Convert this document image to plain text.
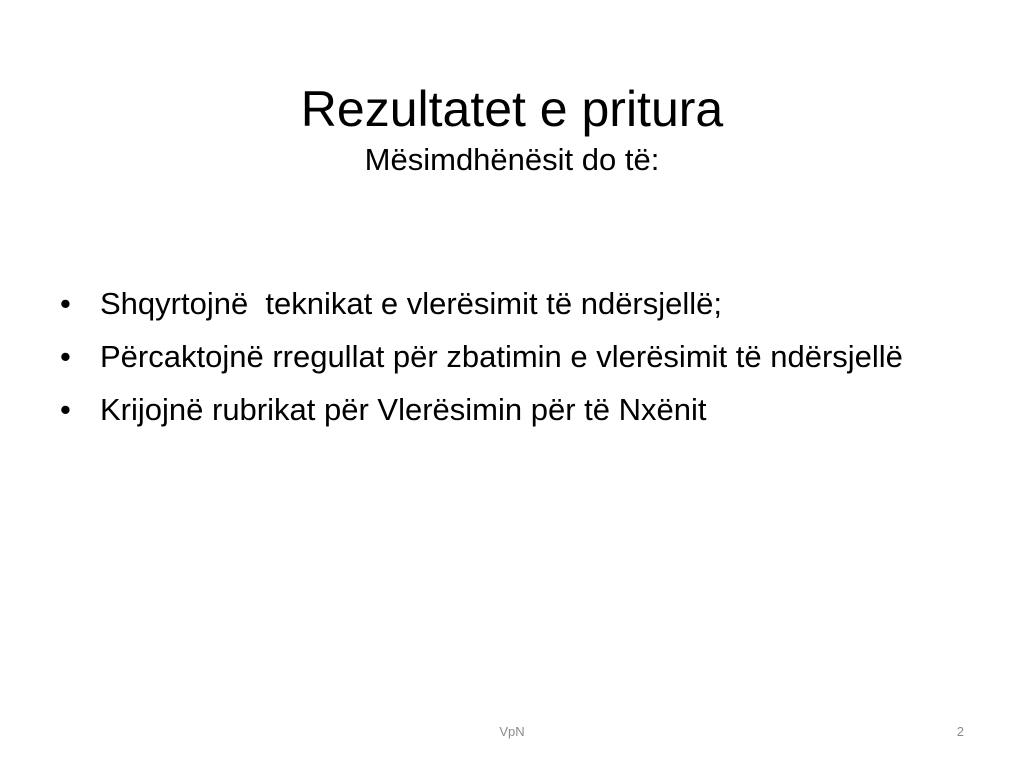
Rezultatet e pritura

Mësimdhënësit do të:

• Shqyrtojnë  teknikat e vlerësimit të ndërsjellë;
• Përcaktojnë rregullat për zbatimin e vlerësimit të ndërsjellë
• Krijojnë rubrikat për Vlerësimin për të Nxënit
VpN	2
